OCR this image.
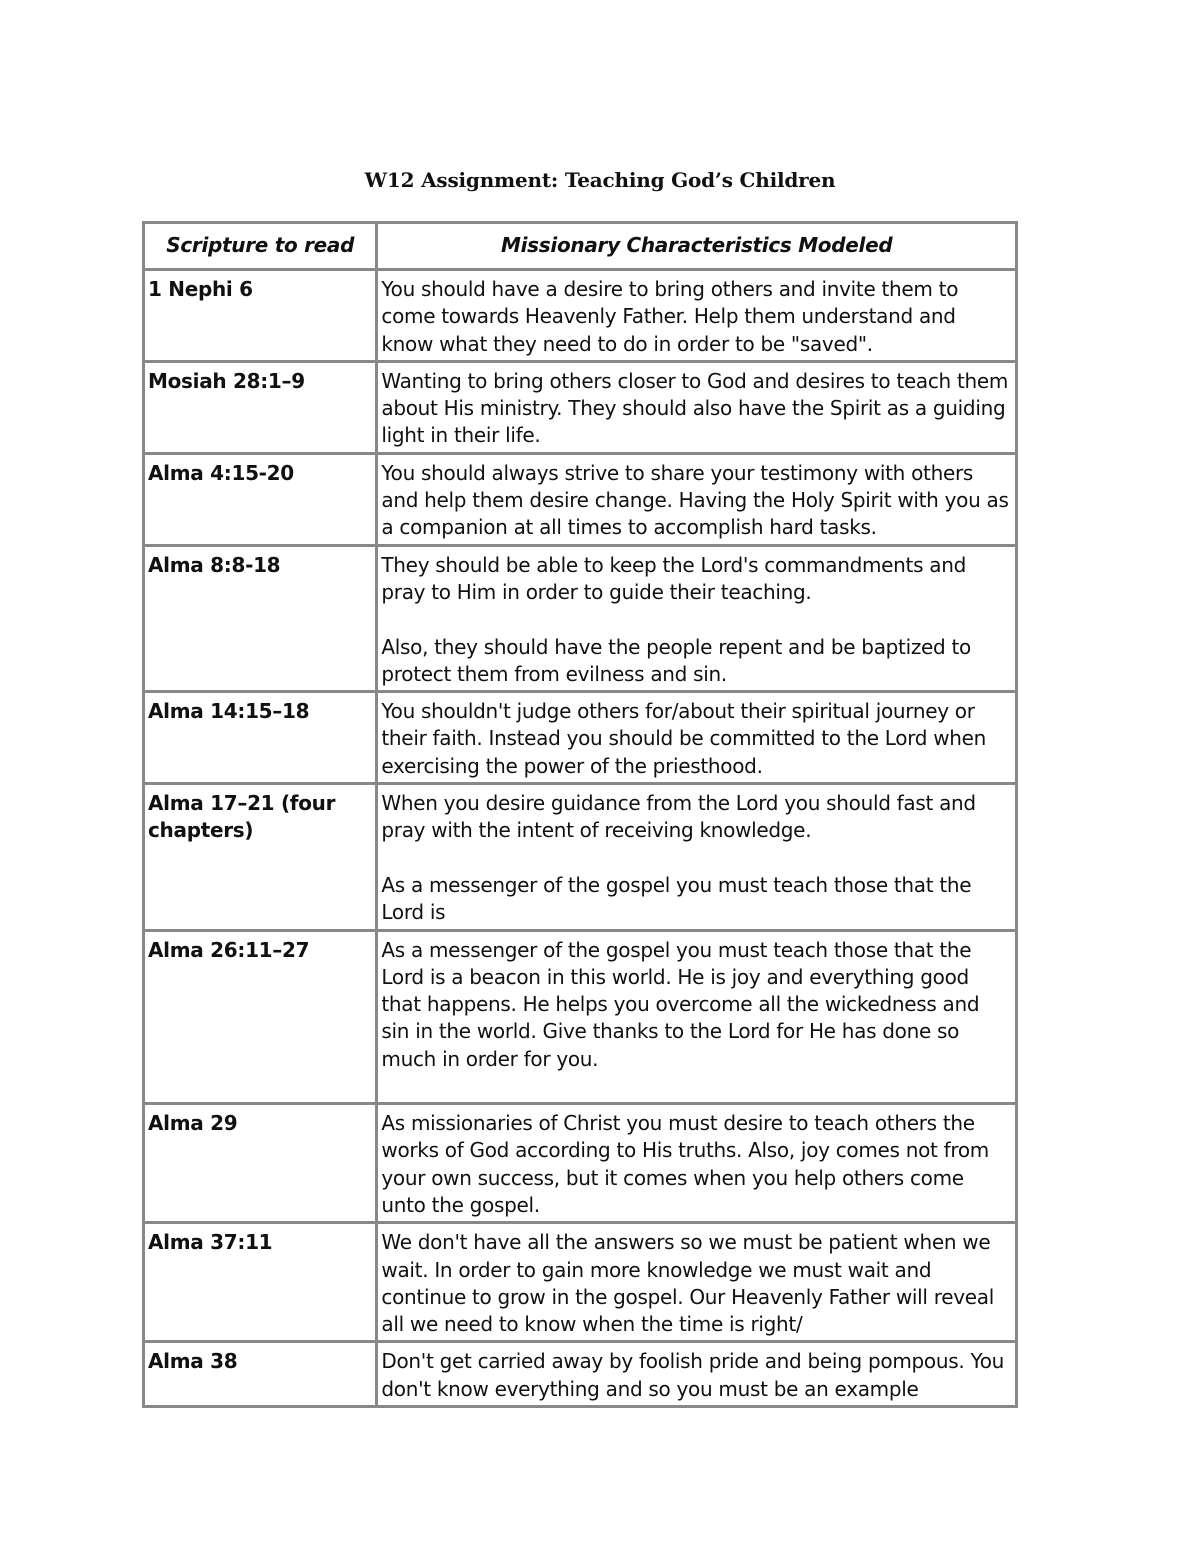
W12 Assignment: Teaching God’s Children
Scripture to read	Missionary Characteristics Modeled
1 Nephi 6	You should have a desire to bring others and invite them to come towards Heavenly Father. Help them understand and know what they need to do in order to be "saved".

Mosiah 28:1–9	Wanting to bring others closer to God and desires to teach them about His ministry. They should also have the Spirit as a guiding light in their life.

Alma 4:15-20	You should always strive to share your testimony with others and help them desire change. Having the Holy Spirit with you as a companion at all times to accomplish hard tasks.

Alma 8:8-18	They should be able to keep the Lord's commandments and pray to Him in order to guide their teaching.

Also, they should have the people repent and be baptized to protect them from evilness and sin.

Alma 14:15–18	You shouldn't judge others for/about their spiritual journey or their faith. Instead you should be committed to the Lord when exercising the power of the priesthood.

Alma 17–21 (four chapters)	When you desire guidance from the Lord you should fast and pray with the intent of receiving knowledge.

As a messenger of the gospel you must teach those that the Lord is

Alma 26:11–27	As a messenger of the gospel you must teach those that the Lord is a beacon in this world. He is joy and everything good that happens. He helps you overcome all the wickedness and sin in the world. Give thanks to the Lord for He has done so much in order for you.

Alma 29	As missionaries of Christ you must desire to teach others the works of God according to His truths. Also, joy comes not from your own success, but it comes when you help others come unto the gospel.

Alma 37:11	We don't have all the answers so we must be patient when we wait. In order to gain more knowledge we must wait and continue to grow in the gospel. Our Heavenly Father will reveal all we need to know when the time is right/

Alma 38	Don't get carried away by foolish pride and being pompous. You don't know everything and so you must be an example
